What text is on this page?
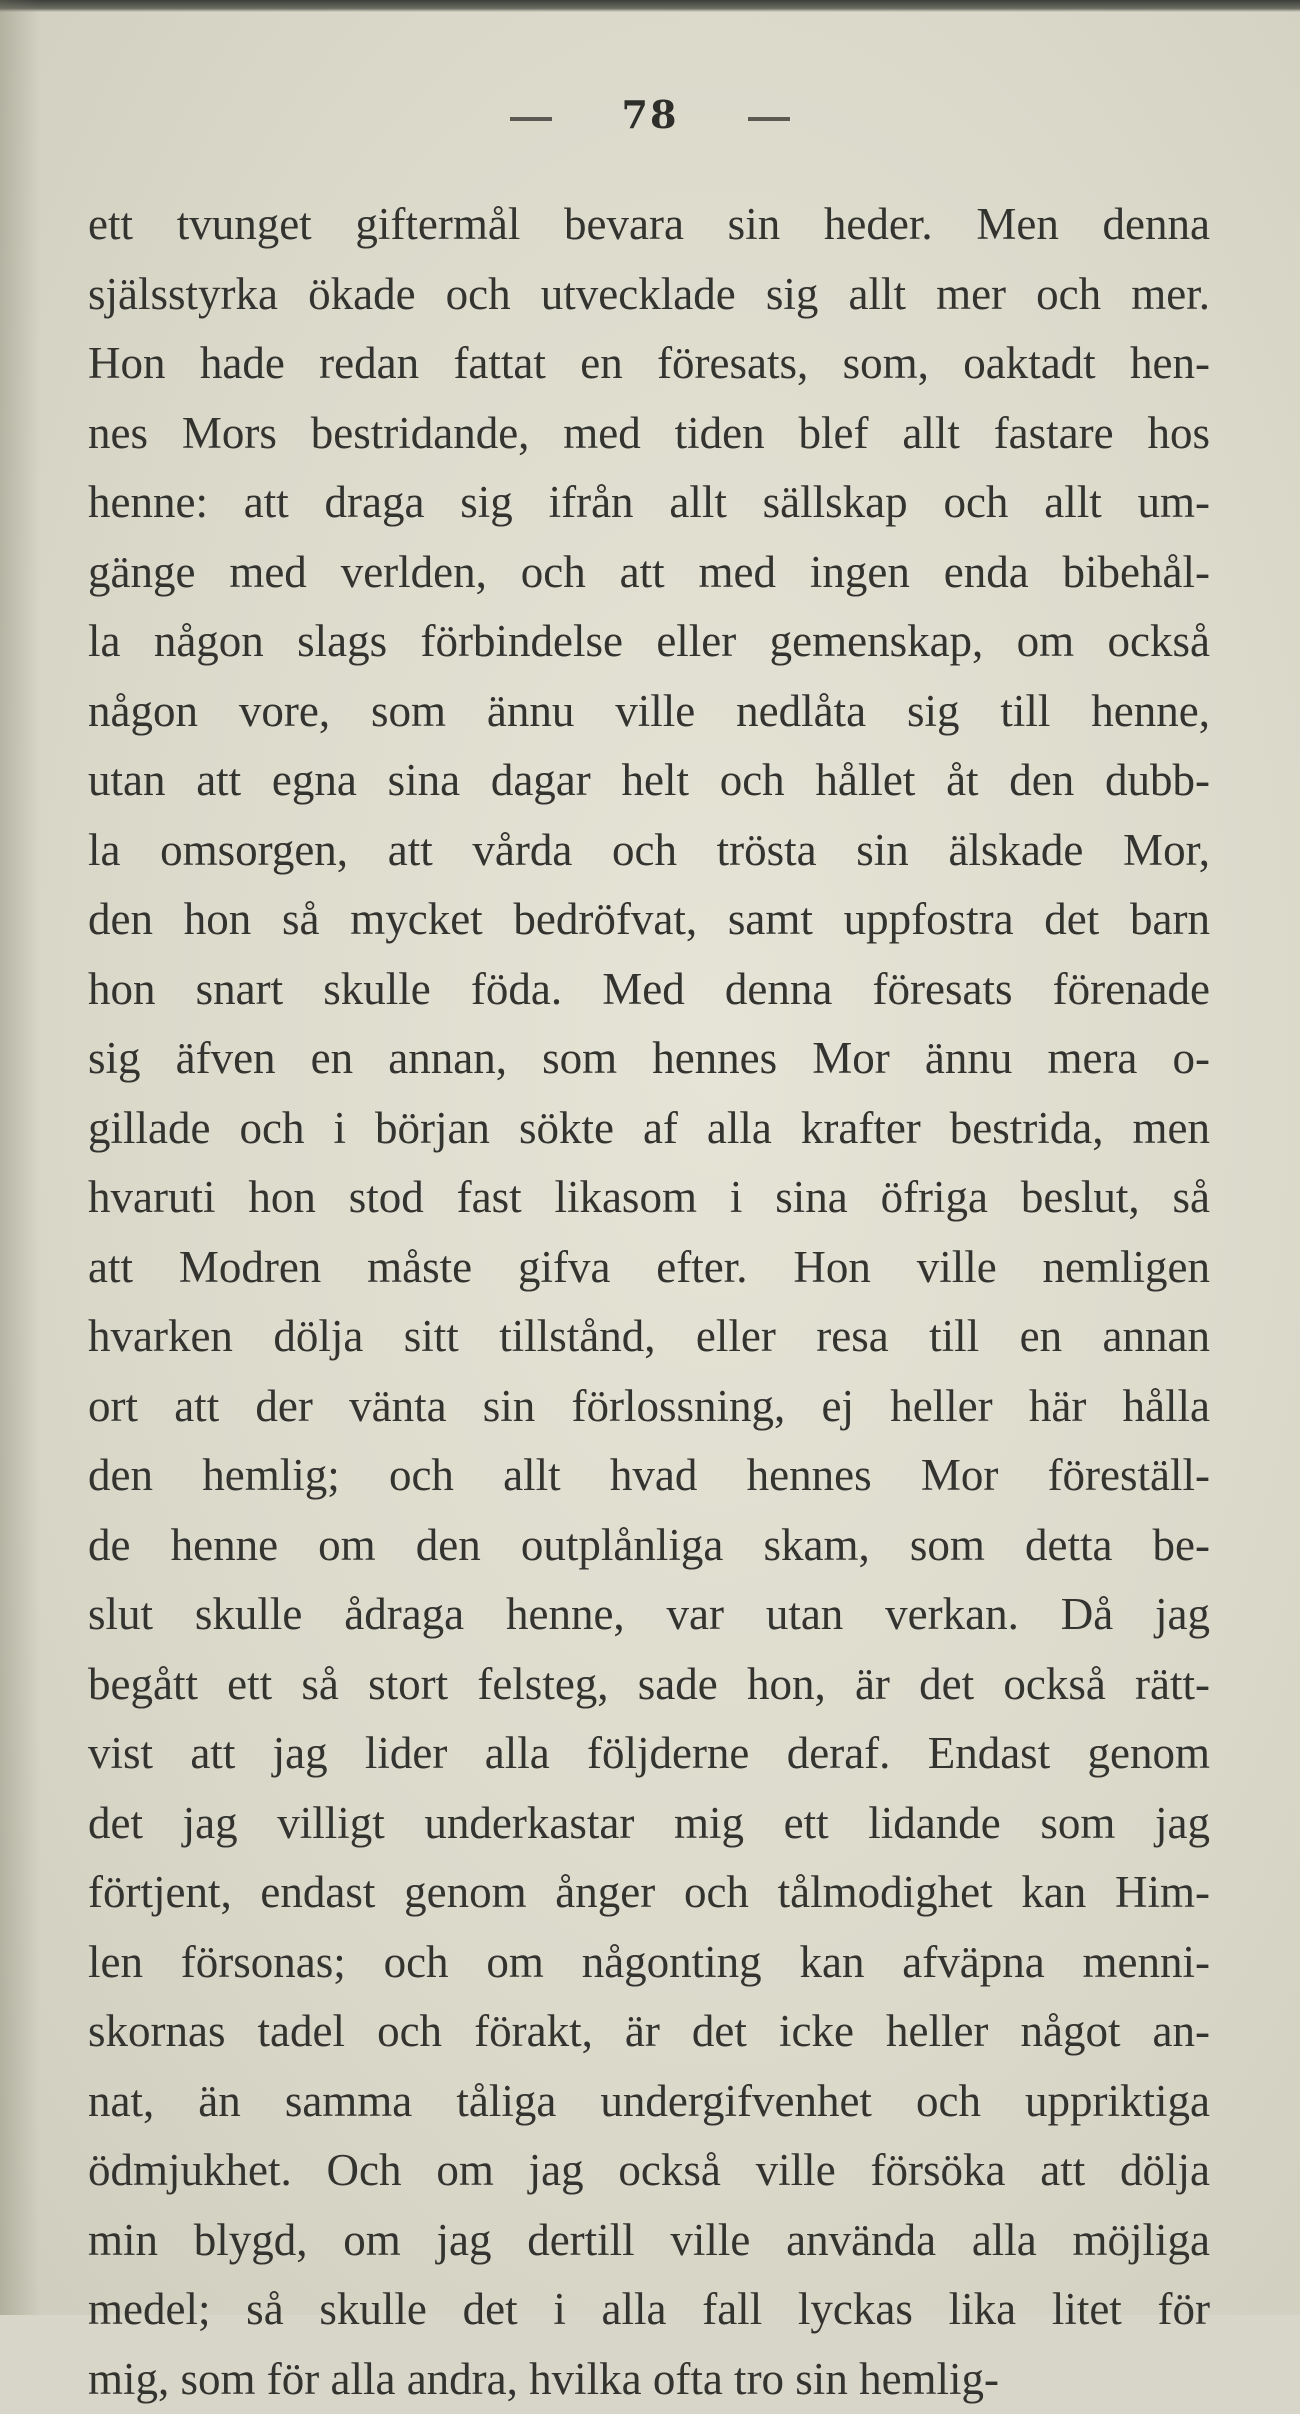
78
ett tvunget giftermål bevara sin heder. Men denna
själsstyrka ökade och utvecklade sig allt mer och mer.
Hon hade redan fattat en föresats, som, oaktadt hen-
nes Mors bestridande, med tiden blef allt fastare hos
henne: att draga sig ifrån allt sällskap och allt um-
gänge med verlden, och att med ingen enda bibehål-
la någon slags förbindelse eller gemenskap, om också
någon vore, som ännu ville nedlåta sig till henne,
utan att egna sina dagar helt och hållet åt den dubb-
la omsorgen, att vårda och trösta sin älskade Mor,
den hon så mycket bedröfvat, samt uppfostra det barn
hon snart skulle föda. Med denna föresats förenade
sig äfven en annan, som hennes Mor ännu mera o-
gillade och i början sökte af alla krafter bestrida, men
hvaruti hon stod fast likasom i sina öfriga beslut, så
att Modren måste gifva efter. Hon ville nemligen
hvarken dölja sitt tillstånd, eller resa till en annan
ort att der vänta sin förlossning, ej heller här hålla
den hemlig; och allt hvad hennes Mor föreställ-
de henne om den outplånliga skam, som detta be-
slut skulle ådraga henne, var utan verkan. Då jag
begått ett så stort felsteg, sade hon, är det också rätt-
vist att jag lider alla följderne deraf. Endast genom
det jag villigt underkastar mig ett lidande som jag
förtjent, endast genom ånger och tålmodighet kan Him-
len försonas; och om någonting kan afväpna menni-
skornas tadel och förakt, är det icke heller något an-
nat, än samma tåliga undergifvenhet och uppriktiga
ödmjukhet. Och om jag också ville försöka att dölja
min blygd, om jag dertill ville använda alla möjliga
medel; så skulle det i alla fall lyckas lika litet för
mig, som för alla andra, hvilka ofta tro sin hemlig-
